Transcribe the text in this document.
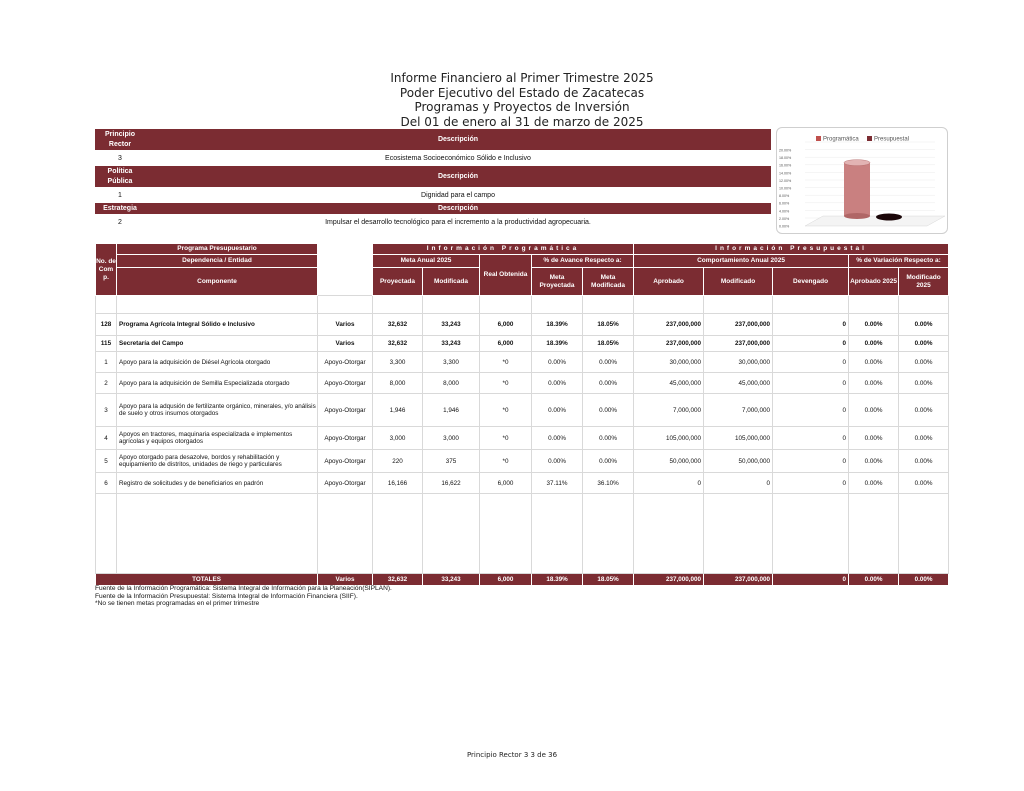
Informe Financiero al Primer Trimestre 2025
Poder Ejecutivo del Estado de Zacatecas
Programas y Proyectos de Inversión
Del 01 de enero al 31 de marzo de 2025
Principio Rector	Descripción
3	Ecosistema Socioeconómico Sólido e Inclusivo
Política Pública	Descripción
1	Dignidad para el campo
Estrategia	Descripción
2	Impulsar el desarrollo tecnológico para el incremento a la productividad agropecuaria.
Programática	Presupuestal
0.00%
2.00%
4.00%
6.00%
8.00%
10.00%
12.00%
14.00%
16.00%
18.00%
20.00%
No. de Com p.	Programa Presupuestario		Información Programática					Información Presupuestal				
	Dependencia / Entidad		Meta Anual 2025		Real Obtenida	% de Avance Respecto a:		Comportamiento Anual 2025			% de Variación Respecto a:	
	Componente		Proyectada	Modificada		Meta Proyectada	Meta Modificada	Aprobado	Modificado	Devengado	Aprobado 2025	Modificado 2025

128	Programa Agrícola Integral Sólido e Inclusivo	Varios	32,632	33,243	6,000	18.39%	18.05%	237,000,000	237,000,000	0	0.00%	0.00%
115	Secretaría del Campo	Varios	32,632	33,243	6,000	18.39%	18.05%	237,000,000	237,000,000	0	0.00%	0.00%
1	Apoyo para la adquisición de Diésel Agrícola otorgado	Apoyo-Otorgar	3,300	3,300	*0	0.00%	0.00%	30,000,000	30,000,000	0	0.00%	0.00%
2	Apoyo para la adquisición de Semilla Especializada otorgado	Apoyo-Otorgar	8,000	8,000	*0	0.00%	0.00%	45,000,000	45,000,000	0	0.00%	0.00%
3	Apoyo para la adqusión de fertilizante orgánico, minerales, y/o análisis de suelo y otros insumos otorgados	Apoyo-Otorgar	1,946	1,946	*0	0.00%	0.00%	7,000,000	7,000,000	0	0.00%	0.00%
4	Apoyos en tractores, maquinaria especializada e implementos agrícolas y equipos otorgados	Apoyo-Otorgar	3,000	3,000	*0	0.00%	0.00%	105,000,000	105,000,000	0	0.00%	0.00%
5	Apoyo otorgado para desazolve, bordos y rehabilitación y equipamiento de distritos, unidades de riego y particulares	Apoyo-Otorgar	220	375	*0	0.00%	0.00%	50,000,000	50,000,000	0	0.00%	0.00%
6	Registro de solicitudes y de beneficiarios en padrón	Apoyo-Otorgar	16,166	16,622	6,000	37.11%	36.10%	0	0	0	0.00%	0.00%

TOTALES		Varios	32,632	33,243	6,000	18.39%	18.05%	237,000,000	237,000,000	0	0.00%	0.00%
Fuente de la Información Programática: Sistema Integral de Información para la Planeación(SIPLAN).
Fuente de la Información Presupuestal: Sistema Integral de Información Financiera (SIIF).
*No se tienen metas programadas en el primer trimestre
Principio Rector 3 3 de 36
